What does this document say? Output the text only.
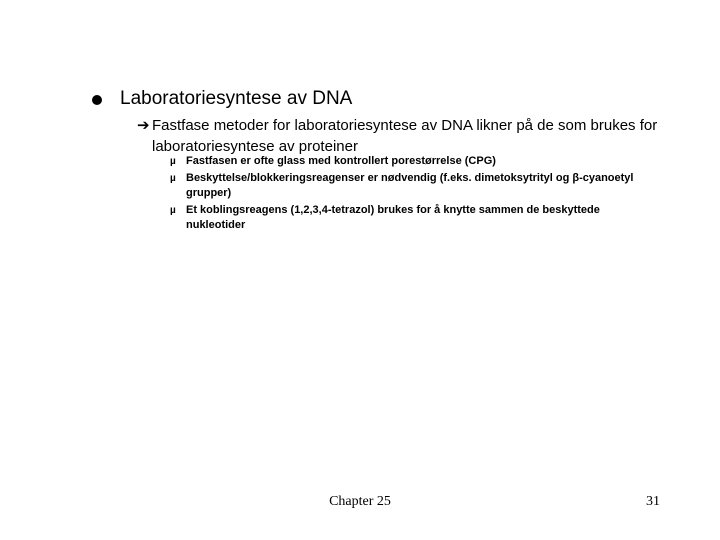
Laboratoriesyntese av DNA
➔ Fastfase metoder for laboratoriesyntese av DNA likner på de som brukes for laboratoriesyntese av proteiner
µ Fastfasen er ofte glass med kontrollert porestørrelse (CPG)
µ Beskyttelse/blokkeringsreagenser er nødvendig (f.eks. dimetoksytrityl og β-cyanoetyl grupper)
µ Et koblingsreagens (1,2,3,4-tetrazol) brukes for å knytte sammen de beskyttede nukleotider
Chapter 25	31
